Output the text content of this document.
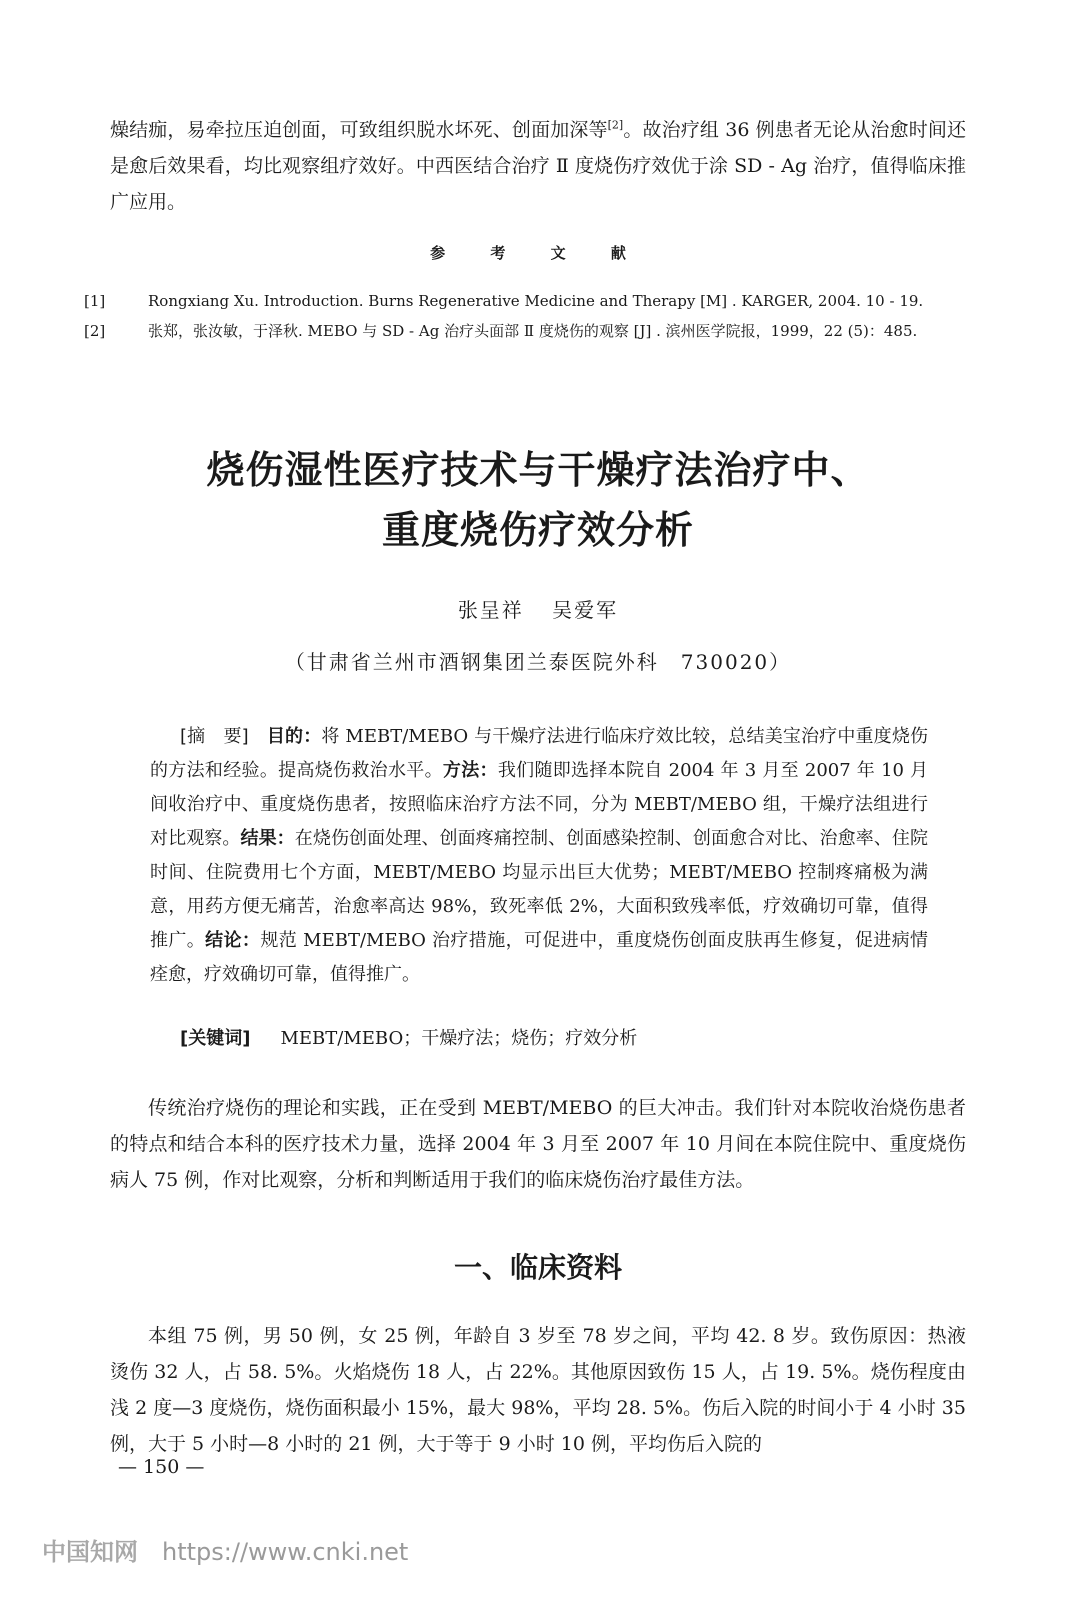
燥结痂，易牵拉压迫创面，可致组织脱水坏死、创面加深等[2]。故治疗组 36 例患者无论从治愈时间还是愈后效果看，均比观察组疗效好。中西医结合治疗 Ⅱ 度烧伤疗效优于涂 SD - Ag 治疗，值得临床推广应用。

参 考 文 献
[1]	Rongxiang Xu. Introduction. Burns Regenerative Medicine and Therapy [M] . KARGER, 2004. 10 - 19.
[2]	张郑，张汝敏，于泽秋. MEBO 与 SD - Ag 治疗头面部 Ⅱ 度烧伤的观察 [J] . 滨州医学院报，1999，22 (5)：485.
烧伤湿性医疗技术与干燥疗法治疗中、
重度烧伤疗效分析

张呈祥 吴爱军

（甘肃省兰州市酒钢集团兰泰医院外科　730020）

[摘　要] 目的：将 MEBT/MEBO 与干燥疗法进行临床疗效比较，总结美宝治疗中重度烧伤的方法和经验。提高烧伤救治水平。方法：我们随即选择本院自 2004 年 3 月至 2007 年 10 月间收治疗中、重度烧伤患者，按照临床治疗方法不同，分为 MEBT/MEBO 组，干燥疗法组进行对比观察。结果：在烧伤创面处理、创面疼痛控制、创面感染控制、创面愈合对比、治愈率、住院时间、住院费用七个方面，MEBT/MEBO 均显示出巨大优势；MEBT/MEBO 控制疼痛极为满意，用药方便无痛苦，治愈率高达 98%，致死率低 2%，大面积致残率低，疗效确切可靠，值得推广。结论：规范 MEBT/MEBO 治疗措施，可促进中，重度烧伤创面皮肤再生修复，促进病情痊愈，疗效确切可靠，值得推广。

[关键词] MEBT/MEBO；干燥疗法；烧伤；疗效分析

传统治疗烧伤的理论和实践，正在受到 MEBT/MEBO 的巨大冲击。我们针对本院收治烧伤患者的特点和结合本科的医疗技术力量，选择 2004 年 3 月至 2007 年 10 月间在本院住院中、重度烧伤病人 75 例，作对比观察，分析和判断适用于我们的临床烧伤治疗最佳方法。

一、临床资料

本组 75 例，男 50 例，女 25 例，年龄自 3 岁至 78 岁之间，平均 42. 8 岁。致伤原因：热液烫伤 32 人，占 58. 5%。火焰烧伤 18 人，占 22%。其他原因致伤 15 人，占 19. 5%。烧伤程度由浅 2 度—3 度烧伤，烧伤面积最小 15%，最大 98%，平均 28. 5%。伤后入院的时间小于 4 小时 35 例，大于 5 小时—8 小时的 21 例，大于等于 9 小时 10 例，平均伤后入院的

— 150 —

中国知网 https://www.cnki.net
